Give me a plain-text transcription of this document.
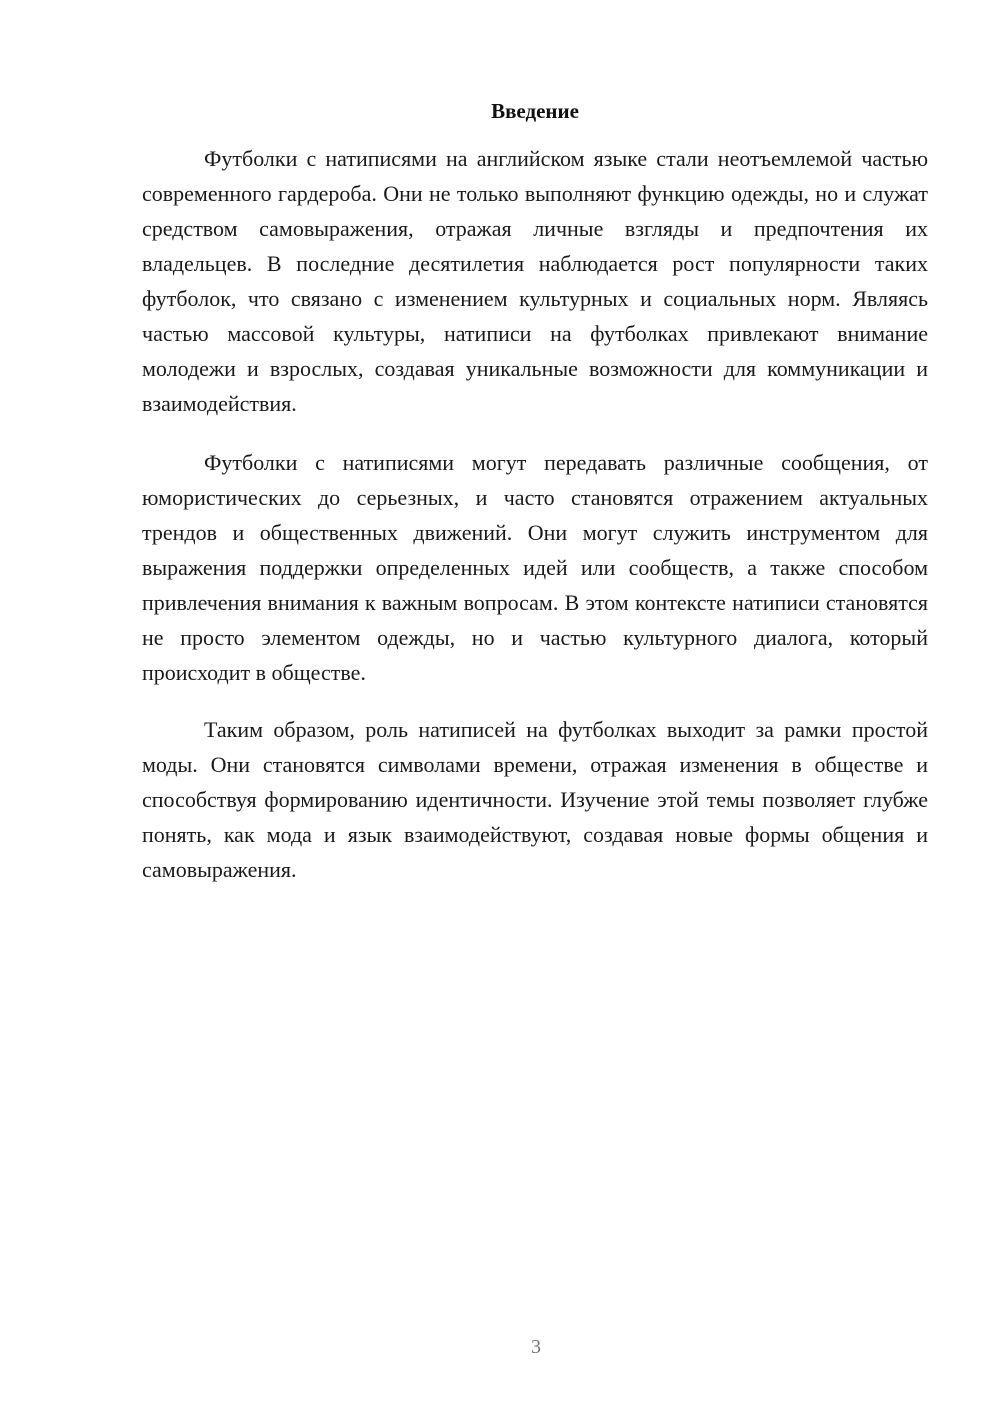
Введение

Футболки с натиписями на английском языке стали неотъемлемой частью современного гардероба. Они не только выполняют функцию одежды, но и служат средством самовыражения, отражая личные взгляды и предпочтения их владельцев. В последние десятилетия наблюдается рост популярности таких футболок, что связано с изменением культурных и социальных норм. Являясь частью массовой культуры, натиписи на футболках привлекают внимание молодежи и взрослых, создавая уникальные возможности для коммуникации и взаимодействия.

Футболки с натиписями могут передавать различные сообщения, от юмористических до серьезных, и часто становятся отражением актуальных трендов и общественных движений. Они могут служить инструментом для выражения поддержки определенных идей или сообществ, а также способом привлечения внимания к важным вопросам. В этом контексте натиписи становятся не просто элементом одежды, но и частью культурного диалога, который происходит в обществе.

Таким образом, роль натиписей на футболках выходит за рамки простой моды. Они становятся символами времени, отражая изменения в обществе и способствуя формированию идентичности. Изучение этой темы позволяет глубже понять, как мода и язык взаимодействуют, создавая новые формы общения и самовыражения.

3
